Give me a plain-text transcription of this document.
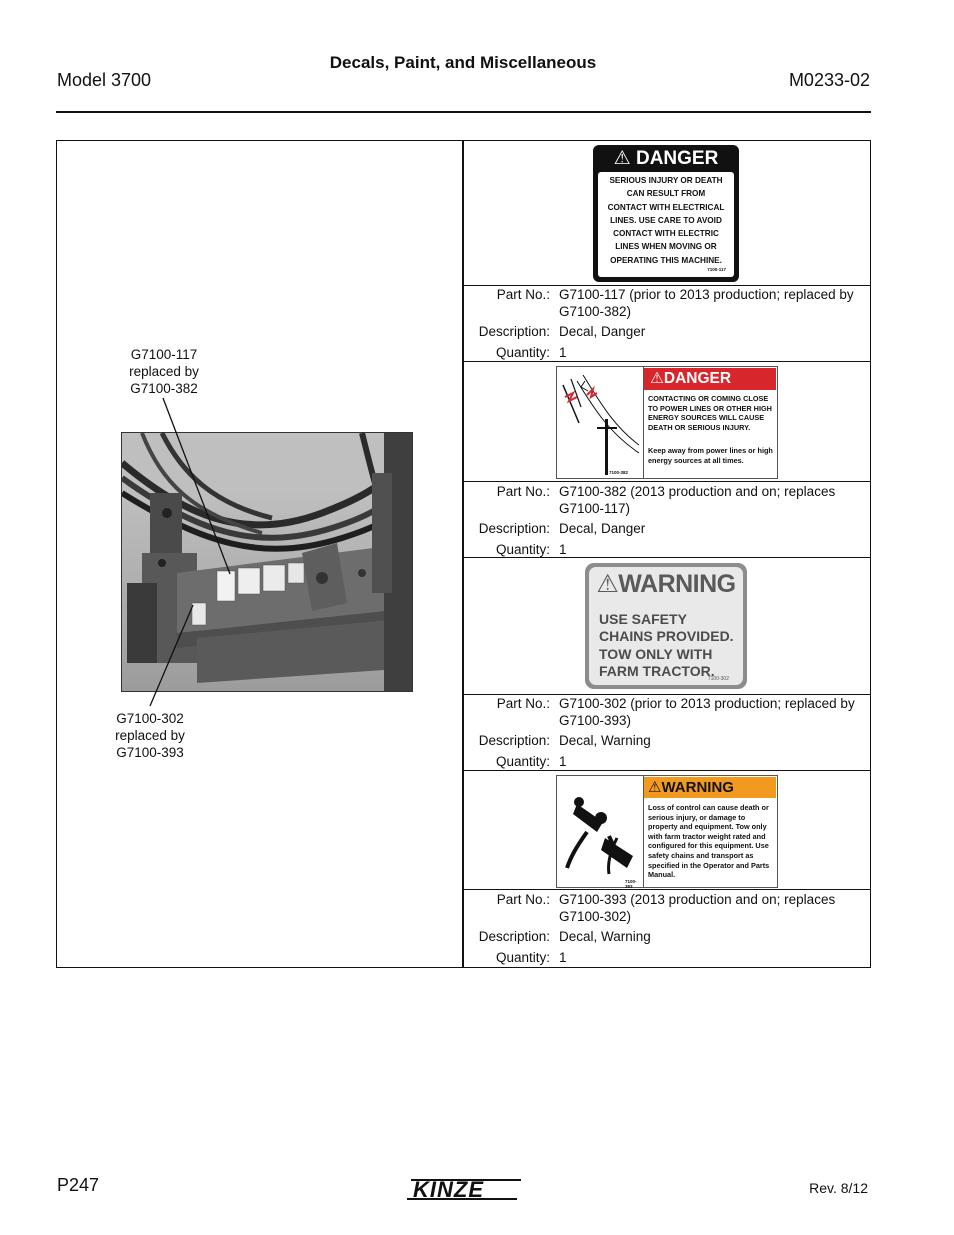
Decals, Paint, and Miscellaneous
Model 3700	M0233-02
G7100-117
replaced by
G7100-382
G7100-302
replaced by
G7100-393
⚠ DANGER
SERIOUS INJURY OR DEATH
CAN RESULT FROM
CONTACT WITH ELECTRICAL
LINES. USE CARE TO AVOID
CONTACT WITH ELECTRIC
LINES WHEN MOVING OR
OPERATING THIS MACHINE.
7100-117
Part No.: G7100-117 (prior to 2013 production; replaced by G7100-382)
Description: Decal, Danger
Quantity: 1
7100-382
⚠DANGER
CONTACTING OR COMING CLOSE TO POWER LINES OR OTHER HIGH ENERGY SOURCES WILL CAUSE DEATH OR SERIOUS INJURY.
Keep away from power lines or high energy sources at all times.
Part No.: G7100-382 (2013 production and on; replaces G7100-117)
Description: Decal, Danger
Quantity: 1
⚠WARNING
USE SAFETY
CHAINS PROVIDED.
TOW ONLY WITH
FARM TRACTOR.
7100-302
Part No.: G7100-302 (prior to 2013 production; replaced by G7100-393)
Description: Decal, Warning
Quantity: 1
7100-393
⚠WARNING
Loss of control can cause death or serious injury, or damage to property and equipment. Tow only with farm tractor weight rated and configured for this equipment. Use safety chains and transport as specified in the Operator and Parts Manual.
Part No.: G7100-393 (2013 production and on; replaces G7100-302)
Description: Decal, Warning
Quantity: 1
P247	KINZE	Rev. 8/12
